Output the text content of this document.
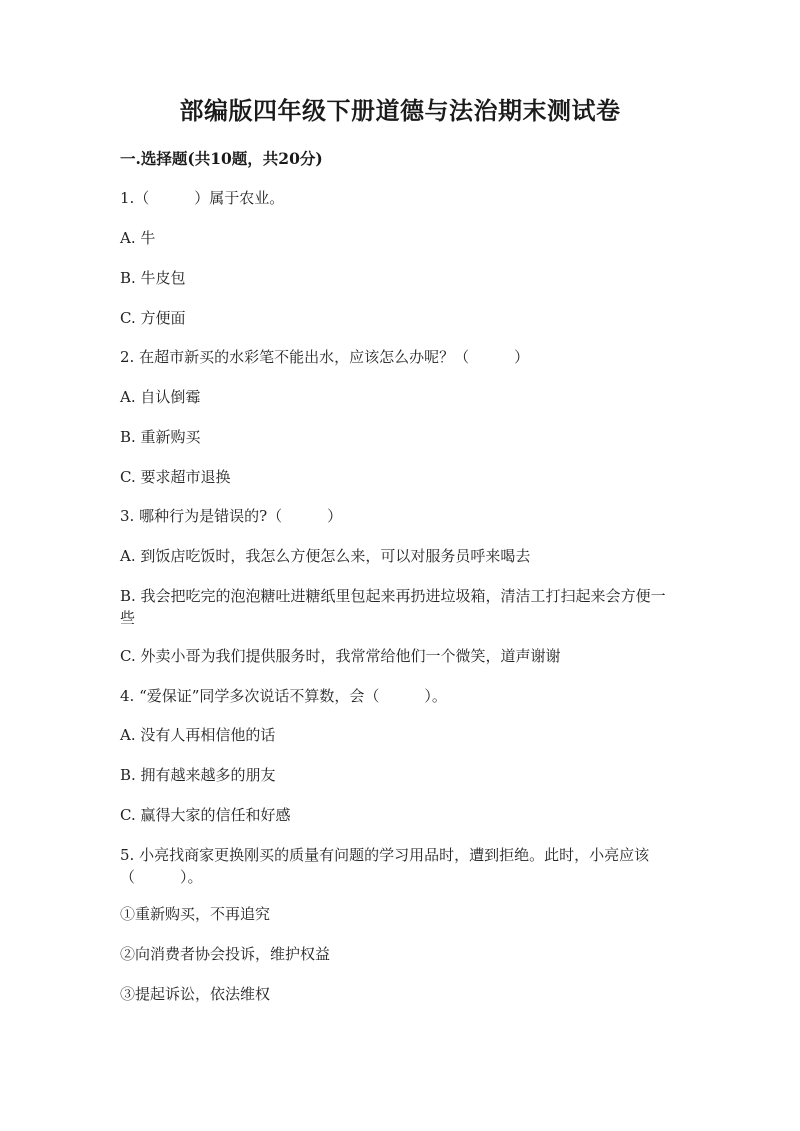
部编版四年级下册道德与法治期末测试卷
一.选择题(共10题，共20分)
1.（　　　）属于农业。
A. 牛
B. 牛皮包
C. 方便面
2. 在超市新买的水彩笔不能出水，应该怎么办呢？（　　　）
A. 自认倒霉
B. 重新购买
C. 要求超市退换
3. 哪种行为是错误的?（　　　）
A. 到饭店吃饭时，我怎么方便怎么来，可以对服务员呼来喝去
B. 我会把吃完的泡泡糖吐进糖纸里包起来再扔进垃圾箱，清洁工打扫起来会方便一些
C. 外卖小哥为我们提供服务时，我常常给他们一个微笑，道声谢谢
4. “爱保证”同学多次说话不算数，会（　　　）。
A. 没有人再相信他的话
B. 拥有越来越多的朋友
C. 赢得大家的信任和好感
5. 小亮找商家更换刚买的质量有问题的学习用品时，遭到拒绝。此时，小亮应该（　　　）。
①重新购买，不再追究
②向消费者协会投诉，维护权益
③提起诉讼，依法维权
